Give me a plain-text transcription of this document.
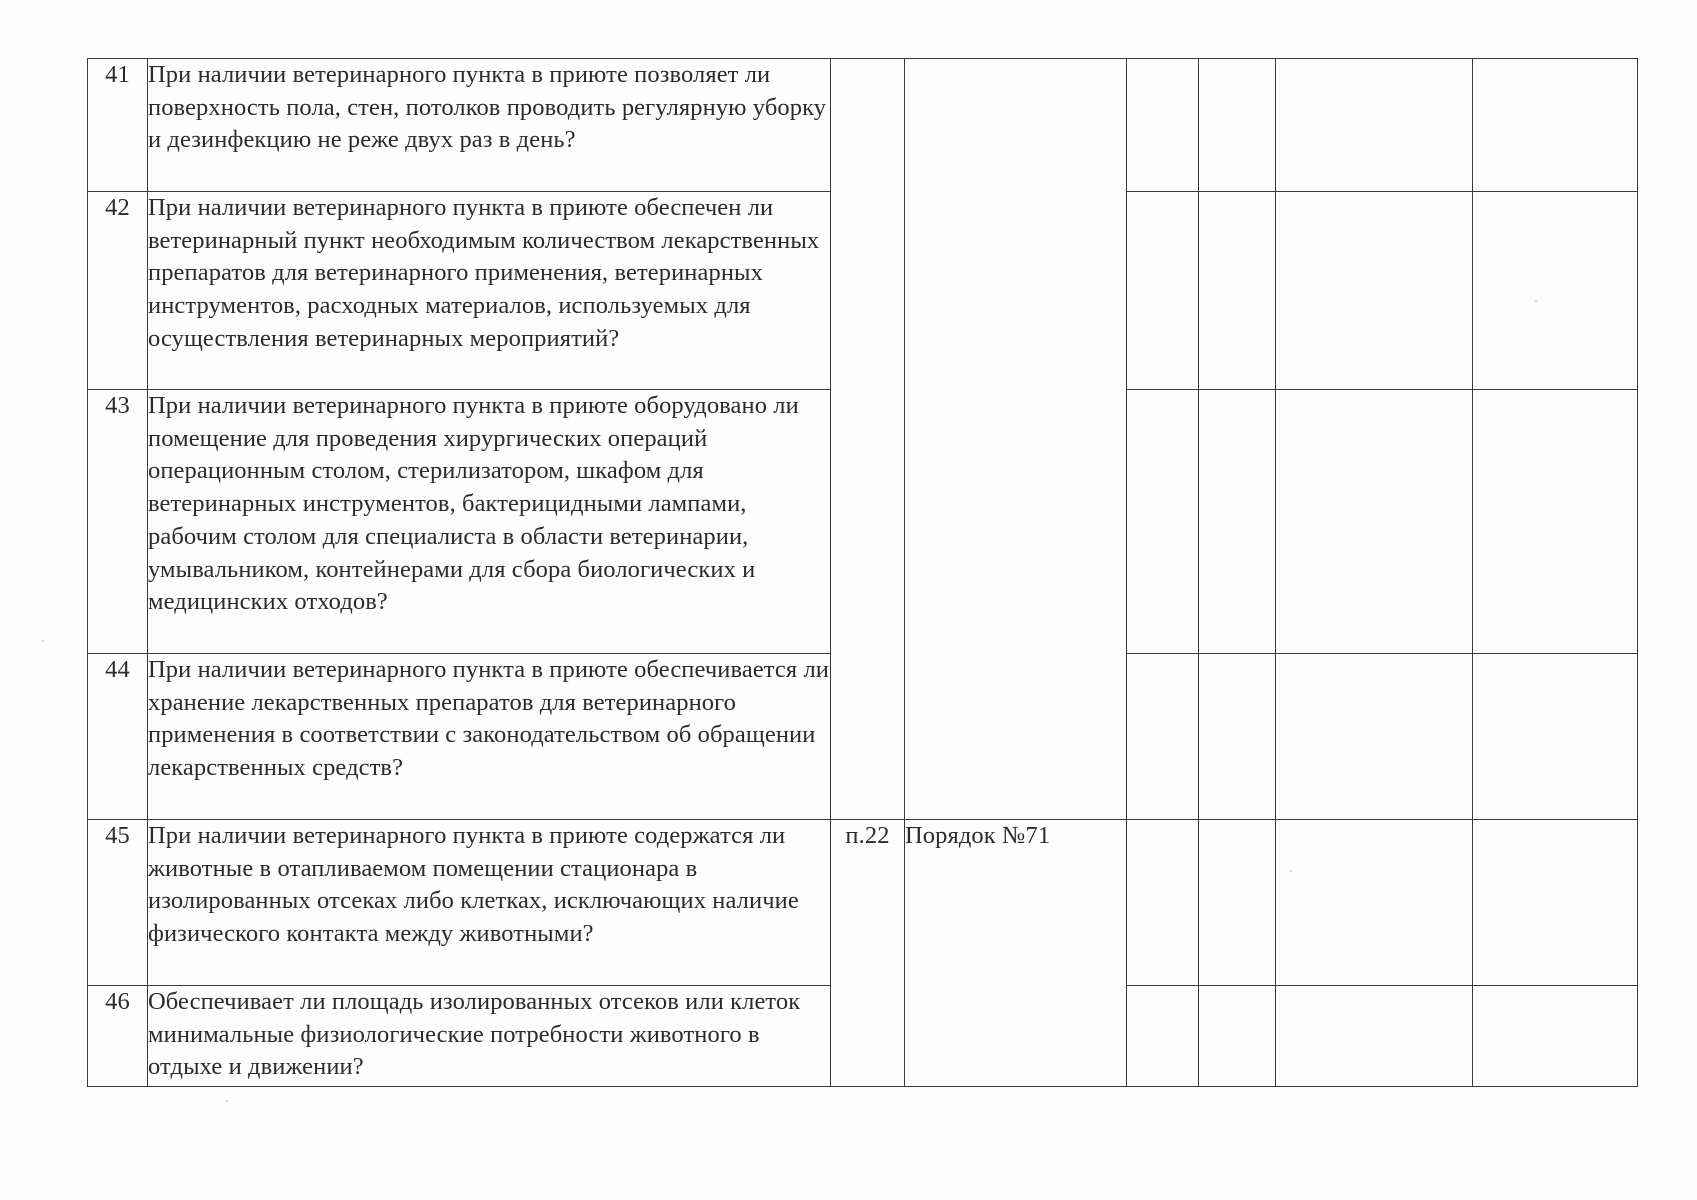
41	При наличии ветеринарного пункта в приюте позволяет ли поверхность пола, стен, потолков проводить регулярную уборку и дезинфекцию не реже двух раз в день?						
42	При наличии ветеринарного пункта в приюте обеспечен ли ветеринарный пункт необходимым количеством лекарственных препаратов для ветеринарного применения, ветеринарных инструментов, расходных материалов, используемых для осуществления ветеринарных мероприятий?						
43	При наличии ветеринарного пункта в приюте оборудовано ли помещение для проведения хирургических операций операционным столом, стерилизатором, шкафом для ветеринарных инструментов, бактерицидными лампами, рабочим столом для специалиста в области ветеринарии, умывальником, контейнерами для сбора биологических и медицинских отходов?						
44	При наличии ветеринарного пункта в приюте обеспечивается ли хранение лекарственных препаратов для ветеринарного применения в соответствии с законодательством об обращении лекарственных средств?						
45	При наличии ветеринарного пункта в приюте содержатся ли животные в отапливаемом помещении стационара в изолированных отсеках либо клетках, исключающих наличие физического контакта между животными?	п.22	Порядок №71				
46	Обеспечивает ли площадь изолированных отсеков или клеток минимальные физиологические потребности животного в отдыхе и движении?						
